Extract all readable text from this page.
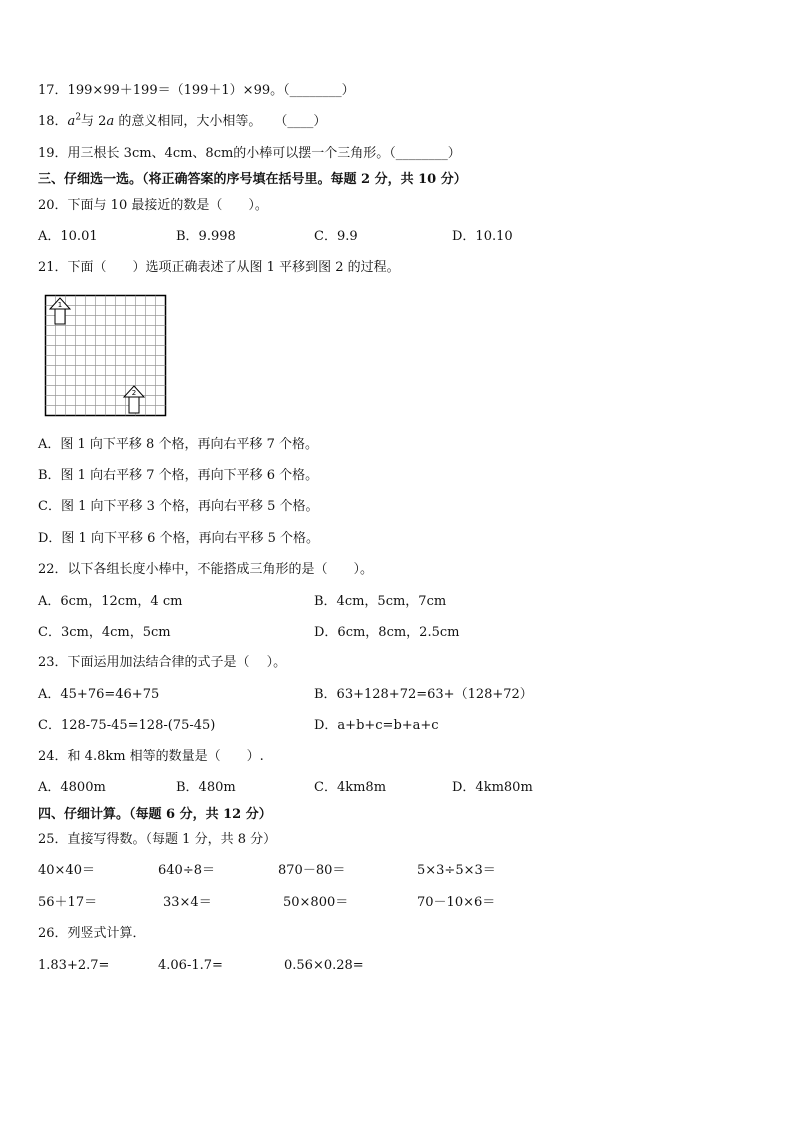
17．199×99＋199＝（199＋1）×99。（________）
18．$a^2$与 2a 的意义相同，大小相等。　　（____）
19．用三根长 3cm、4cm、8cm的小棒可以摆一个三角形。（________）
三、仔细选一选。（将正确答案的序号填在括号里。每题 2 分，共 10 分）
20．下面与 10 最接近的数是（　　）。
A．10.01	B．9.998	C．9.9	D．10.10
21．下面（　　）选项正确表述了从图 1 平移到图 2 的过程。
1
2
A．图 1 向下平移 8 个格，再向右平移 7 个格。
B．图 1 向右平移 7 个格，再向下平移 6 个格。
C．图 1 向下平移 3 个格，再向右平移 5 个格。
D．图 1 向下平移 6 个格，再向右平移 5 个格。
22．以下各组长度小棒中，不能搭成三角形的是（　　）。
A．6cm，12cm，4 cm	B．4cm，5cm，7cm
C．3cm，4cm，5cm	D．6cm，8cm，2.5cm
23．下面运用加法结合律的式子是（　 ）。
A．45+76=46+75	B．63+128+72=63+（128+72）
C．128-75-45=128-(75-45)	D．a+b+c=b+a+c
24．和 4.8km 相等的数量是（　　）.
A．4800m	B．480m	C．4km8m	D．4km80m
四、仔细计算。（每题 6 分，共 12 分）
25．直接写得数。（每题 1 分，共 8 分）
40×40＝	640÷8＝	870－80＝	5×3÷5×3＝
56＋17＝	33×4＝	50×800＝	70－10×6＝
26．列竖式计算．
1.83+2.7=	4.06-1.7=	0.56×0.28=
